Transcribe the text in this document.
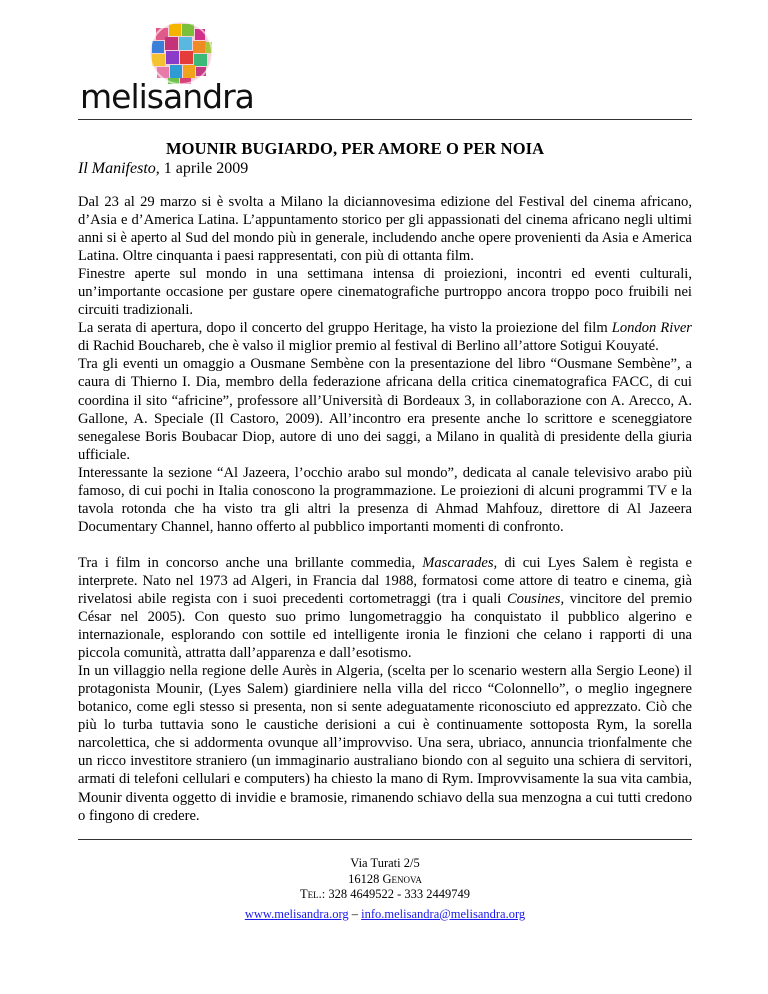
melisandra
MOUNIR BUGIARDO, PER AMORE O PER NOIA
Il Manifesto, 1 aprile 2009

Dal 23 al 29 marzo si è svolta a Milano la diciannovesima edizione del Festival del cinema africano, d’Asia e d’America Latina. L’appuntamento storico per gli appassionati del cinema africano negli ultimi anni si è aperto al Sud del mondo più in generale, includendo anche opere provenienti da Asia e America Latina. Oltre cinquanta i paesi rappresentati, con più di ottanta film.

Finestre aperte sul mondo in una settimana intensa di proiezioni, incontri ed eventi culturali, un’importante occasione per gustare opere cinematografiche purtroppo ancora troppo poco fruibili nei circuiti tradizionali.

La serata di apertura, dopo il concerto del gruppo Heritage, ha visto la proiezione del film London River di Rachid Bouchareb, che è valso il miglior premio al festival di Berlino all’attore Sotigui Kouyaté.

Tra gli eventi un omaggio a Ousmane Sembène con la presentazione del libro “Ousmane Sembène”, a caura di Thierno I. Dia, membro della federazione africana della critica cinematografica FACC, di cui coordina il sito “africine”, professore all’Università di Bordeaux 3, in collaborazione con A. Arecco, A. Gallone, A. Speciale (Il Castoro, 2009). All’incontro era presente anche lo scrittore e sceneggiatore senegalese Boris Boubacar Diop, autore di uno dei saggi, a Milano in qualità di presidente della giuria ufficiale.

Interessante la sezione “Al Jazeera, l’occhio arabo sul mondo”, dedicata al canale televisivo arabo più famoso, di cui pochi in Italia conoscono la programmazione. Le proiezioni di alcuni programmi TV e la tavola rotonda che ha visto tra gli altri la presenza di Ahmad Mahfouz, direttore di Al Jazeera Documentary Channel, hanno offerto al pubblico importanti momenti di confronto.

Tra i film in concorso anche una brillante commedia, Mascarades, di cui Lyes Salem è regista e interprete. Nato nel 1973 ad Algeri, in Francia dal 1988, formatosi come attore di teatro e cinema, già rivelatosi abile regista con i suoi precedenti cortometraggi (tra i quali Cousines, vincitore del premio César nel 2005). Con questo suo primo lungometraggio ha conquistato il pubblico algerino e internazionale, esplorando con sottile ed intelligente ironia le finzioni che celano i rapporti di una piccola comunità, attratta dall’apparenza e dall’esotismo.

In un villaggio nella regione delle Aurès in Algeria, (scelta per lo scenario western alla Sergio Leone) il protagonista Mounir, (Lyes Salem) giardiniere nella villa del ricco “Colonnello”, o meglio ingegnere botanico, come egli stesso si presenta, non si sente adeguatamente riconosciuto ed apprezzato. Ciò che più lo turba tuttavia sono le caustiche derisioni a cui è continuamente sottoposta Rym, la sorella narcolettica, che si addormenta ovunque all’improvviso. Una sera, ubriaco, annuncia trionfalmente che un ricco investitore straniero (un immaginario australiano biondo con al seguito una schiera di servitori, armati di telefoni cellulari e computers) ha chiesto la mano di Rym. Improvvisamente la sua vita cambia, Mounir diventa oggetto di invidie e bramosie, rimanendo schiavo della sua menzogna a cui tutti credono o fingono di credere.

Via Turati 2/5
16128 Genova
Tel.: 328 4649522 - 333 2449749
www.melisandra.org – info.melisandra@melisandra.org
